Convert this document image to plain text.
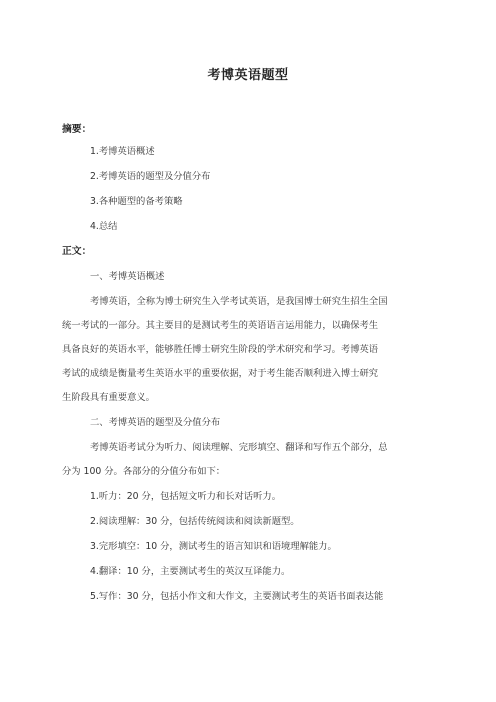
考博英语题型
摘要：
1.考博英语概述
2.考博英语的题型及分值分布
3.各种题型的备考策略
4.总结
正文：
一、考博英语概述
考博英语，全称为博士研究生入学考试英语，是我国博士研究生招生全国
统一考试的一部分。其主要目的是测试考生的英语语言运用能力，以确保考生
具备良好的英语水平，能够胜任博士研究生阶段的学术研究和学习。考博英语
考试的成绩是衡量考生英语水平的重要依据，对于考生能否顺利进入博士研究
生阶段具有重要意义。
二、考博英语的题型及分值分布
考博英语考试分为听力、阅读理解、完形填空、翻译和写作五个部分，总
分为 100 分。各部分的分值分布如下：
1.听力：20 分，包括短文听力和长对话听力。
2.阅读理解：30 分，包括传统阅读和阅读新题型。
3.完形填空：10 分，测试考生的语言知识和语境理解能力。
4.翻译：10 分，主要测试考生的英汉互译能力。
5.写作：30 分，包括小作文和大作文，主要测试考生的英语书面表达能
